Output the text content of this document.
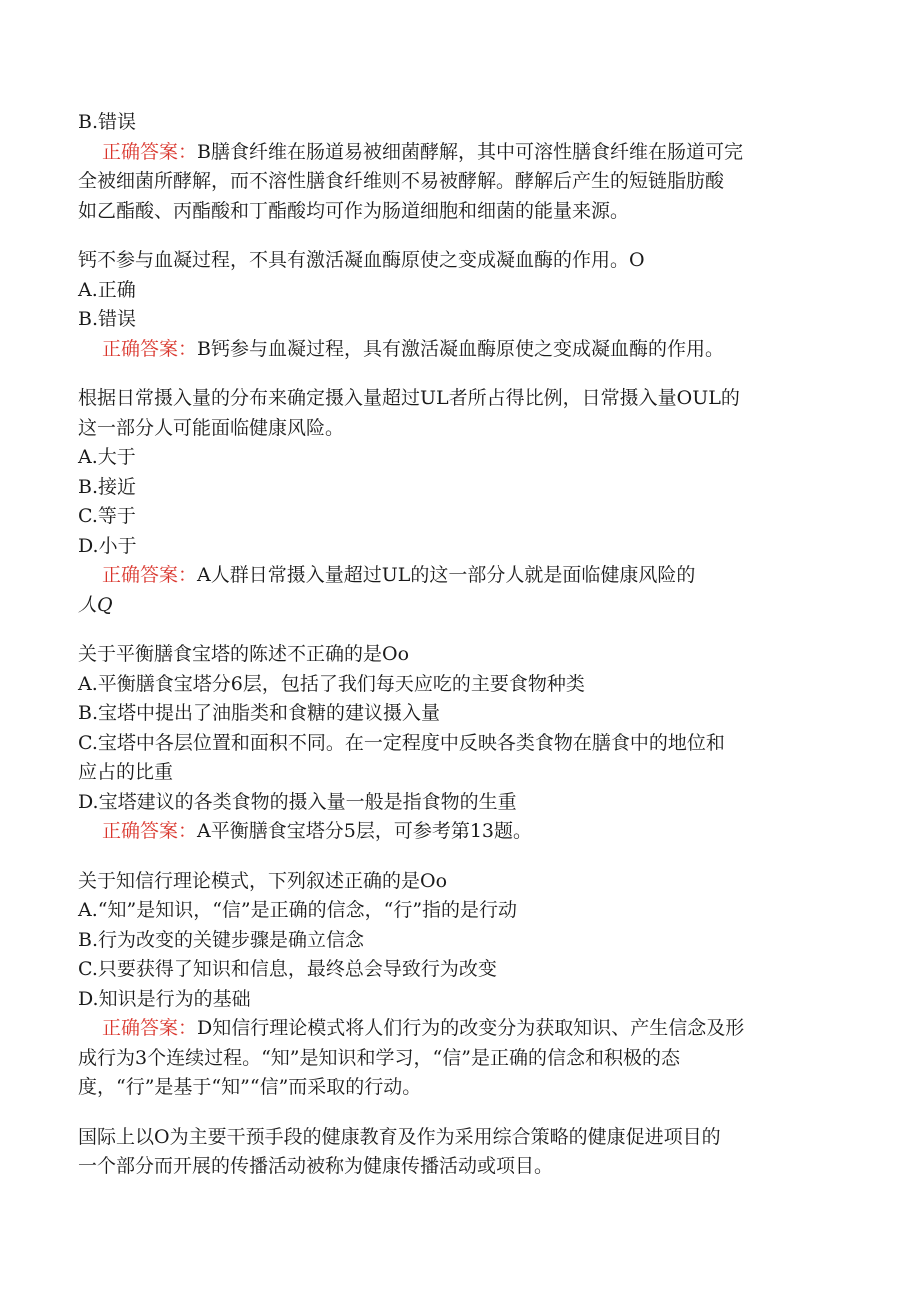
B.错误
正确答案：B膳食纤维在肠道易被细菌酵解，其中可溶性膳食纤维在肠道可完
全被细菌所酵解，而不溶性膳食纤维则不易被酵解。酵解后产生的短链脂肪酸
如乙酯酸、丙酯酸和丁酯酸均可作为肠道细胞和细菌的能量来源。
钙不参与血凝过程，不具有激活凝血酶原使之变成凝血酶的作用。O
A.正确
B.错误
正确答案：B钙参与血凝过程，具有激活凝血酶原使之变成凝血酶的作用。
根据日常摄入量的分布来确定摄入量超过UL者所占得比例，日常摄入量OUL的
这一部分人可能面临健康风险。
A.大于
B.接近
C.等于
D.小于
正确答案：A人群日常摄入量超过UL的这一部分人就是面临健康风险的
人Q
关于平衡膳食宝塔的陈述不正确的是Oo
A.平衡膳食宝塔分6层，包括了我们每天应吃的主要食物种类
B.宝塔中提出了油脂类和食糖的建议摄入量
C.宝塔中各层位置和面积不同。在一定程度中反映各类食物在膳食中的地位和
应占的比重
D.宝塔建议的各类食物的摄入量一般是指食物的生重
正确答案：A平衡膳食宝塔分5层，可参考第13题。
关于知信行理论模式，下列叙述正确的是Oo
A.“知”是知识，“信”是正确的信念，“行”指的是行动
B.行为改变的关键步骤是确立信念
C.只要获得了知识和信息，最终总会导致行为改变
D.知识是行为的基础
正确答案：D知信行理论模式将人们行为的改变分为获取知识、产生信念及形
成行为3个连续过程。“知”是知识和学习，“信”是正确的信念和积极的态
度，“行”是基于“知”“信”而采取的行动。
国际上以O为主要干预手段的健康教育及作为采用综合策略的健康促进项目的
一个部分而开展的传播活动被称为健康传播活动或项目。
